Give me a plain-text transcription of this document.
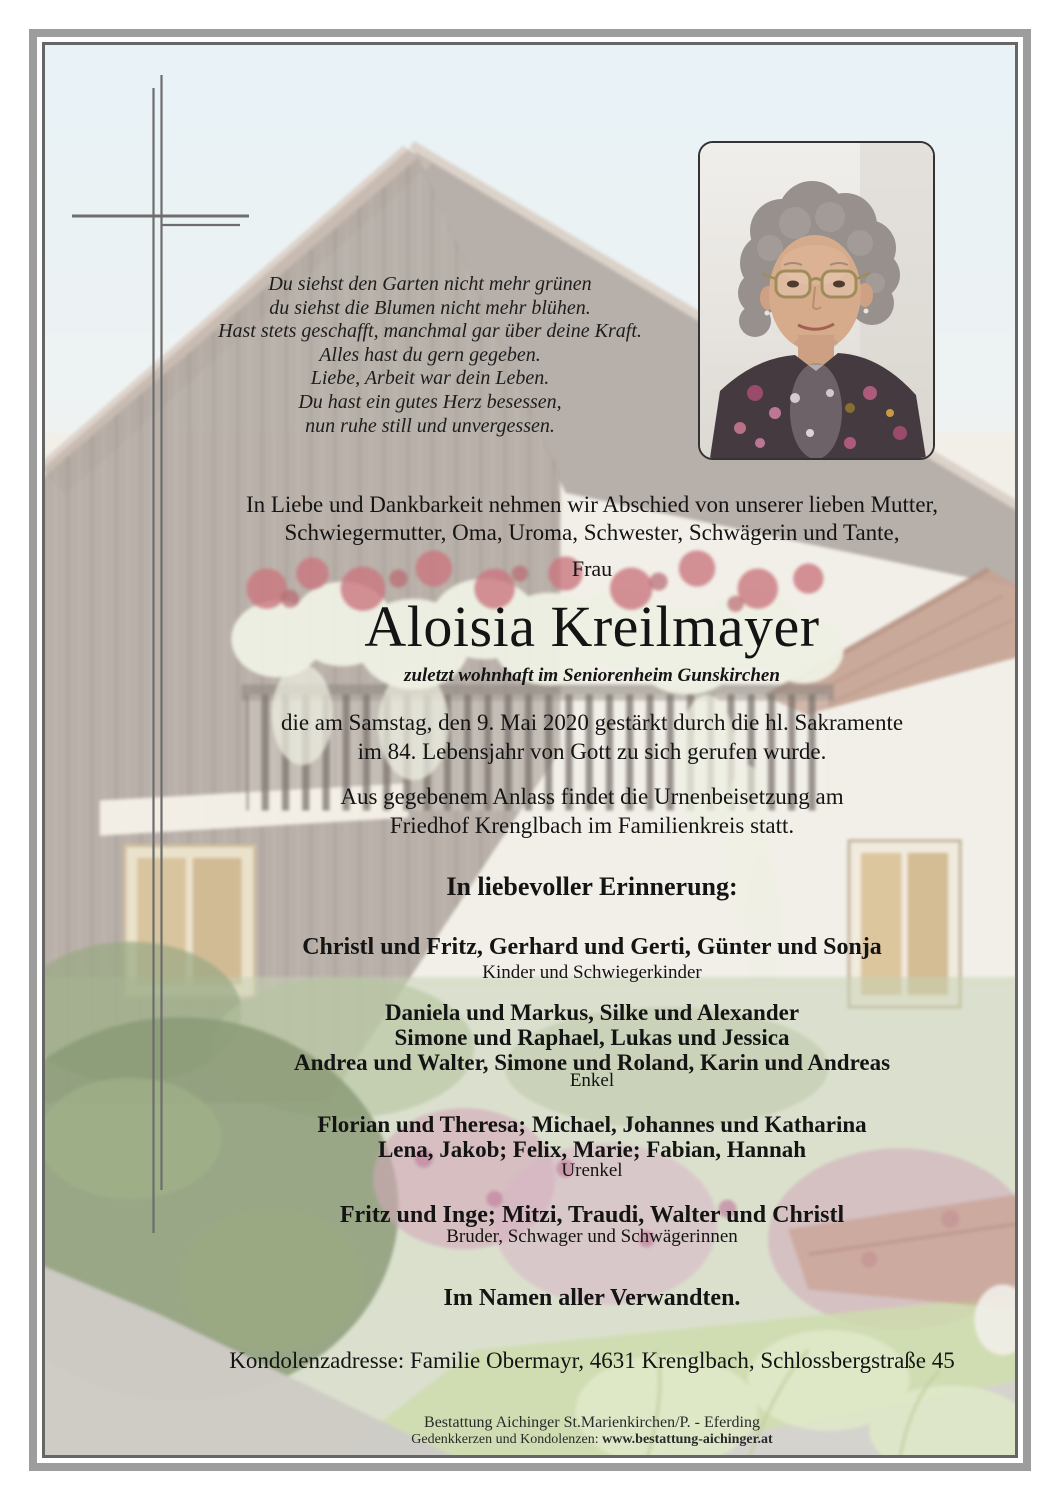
Du siehst den Garten nicht mehr grünen
du siehst die Blumen nicht mehr blühen.
Hast stets geschafft, manchmal gar über deine Kraft.
Alles hast du gern gegeben.
Liebe, Arbeit war dein Leben.
Du hast ein gutes Herz besessen,
nun ruhe still und unvergessen.
In Liebe und Dankbarkeit nehmen wir Abschied von unserer lieben Mutter,
Schwiegermutter, Oma, Uroma, Schwester, Schwägerin und Tante,
Frau
Aloisia Kreilmayer
zuletzt wohnhaft im Seniorenheim Gunskirchen
die am Samstag, den 9. Mai 2020 gestärkt durch die hl. Sakramente
im 84. Lebensjahr von Gott zu sich gerufen wurde.
Aus gegebenem Anlass findet die Urnenbeisetzung am
Friedhof Krenglbach im Familienkreis statt.
In liebevoller Erinnerung:
Christl und Fritz, Gerhard und Gerti, Günter und Sonja
Kinder und Schwiegerkinder
Daniela und Markus, Silke und Alexander
Simone und Raphael, Lukas und Jessica
Andrea und Walter, Simone und Roland, Karin und Andreas
Enkel
Florian und Theresa; Michael, Johannes und Katharina
Lena, Jakob; Felix, Marie; Fabian, Hannah
Urenkel
Fritz und Inge; Mitzi, Traudi, Walter und Christl
Bruder, Schwager und Schwägerinnen
Im Namen aller Verwandten.
Kondolenzadresse: Familie Obermayr, 4631 Krenglbach, Schlossbergstraße 45
Bestattung Aichinger St.Marienkirchen/P. - Eferding
Gedenkkerzen und Kondolenzen: www.bestattung-aichinger.at
